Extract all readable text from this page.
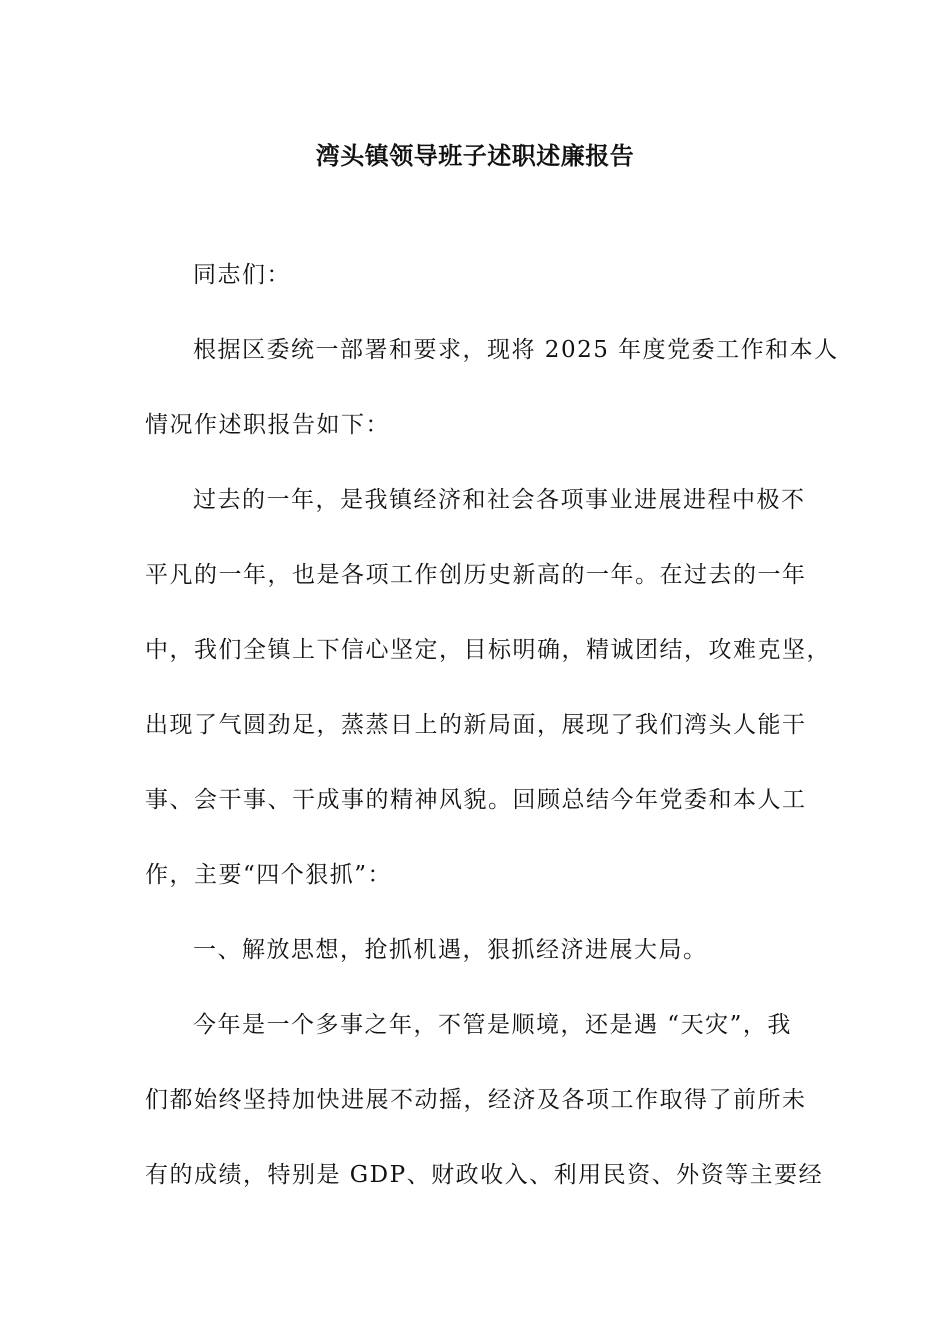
湾头镇领导班子述职述廉报告
同志们：
根据区委统一部署和要求，现将 2025 年度党委工作和本人
情况作述职报告如下：
过去的一年，是我镇经济和社会各项事业进展进程中极不
平凡的一年，也是各项工作创历史新高的一年。在过去的一年
中，我们全镇上下信心坚定，目标明确，精诚团结，攻难克坚，
出现了气圆劲足，蒸蒸日上的新局面，展现了我们湾头人能干
事、会干事、干成事的精神风貌。回顾总结今年党委和本人工
作，主要“四个狠抓”：
一、解放思想，抢抓机遇，狠抓经济进展大局。
今年是一个多事之年，不管是顺境，还是遇 “天灾”，我
们都始终坚持加快进展不动摇，经济及各项工作取得了前所未
有的成绩，特别是 GDP、财政收入、利用民资、外资等主要经
